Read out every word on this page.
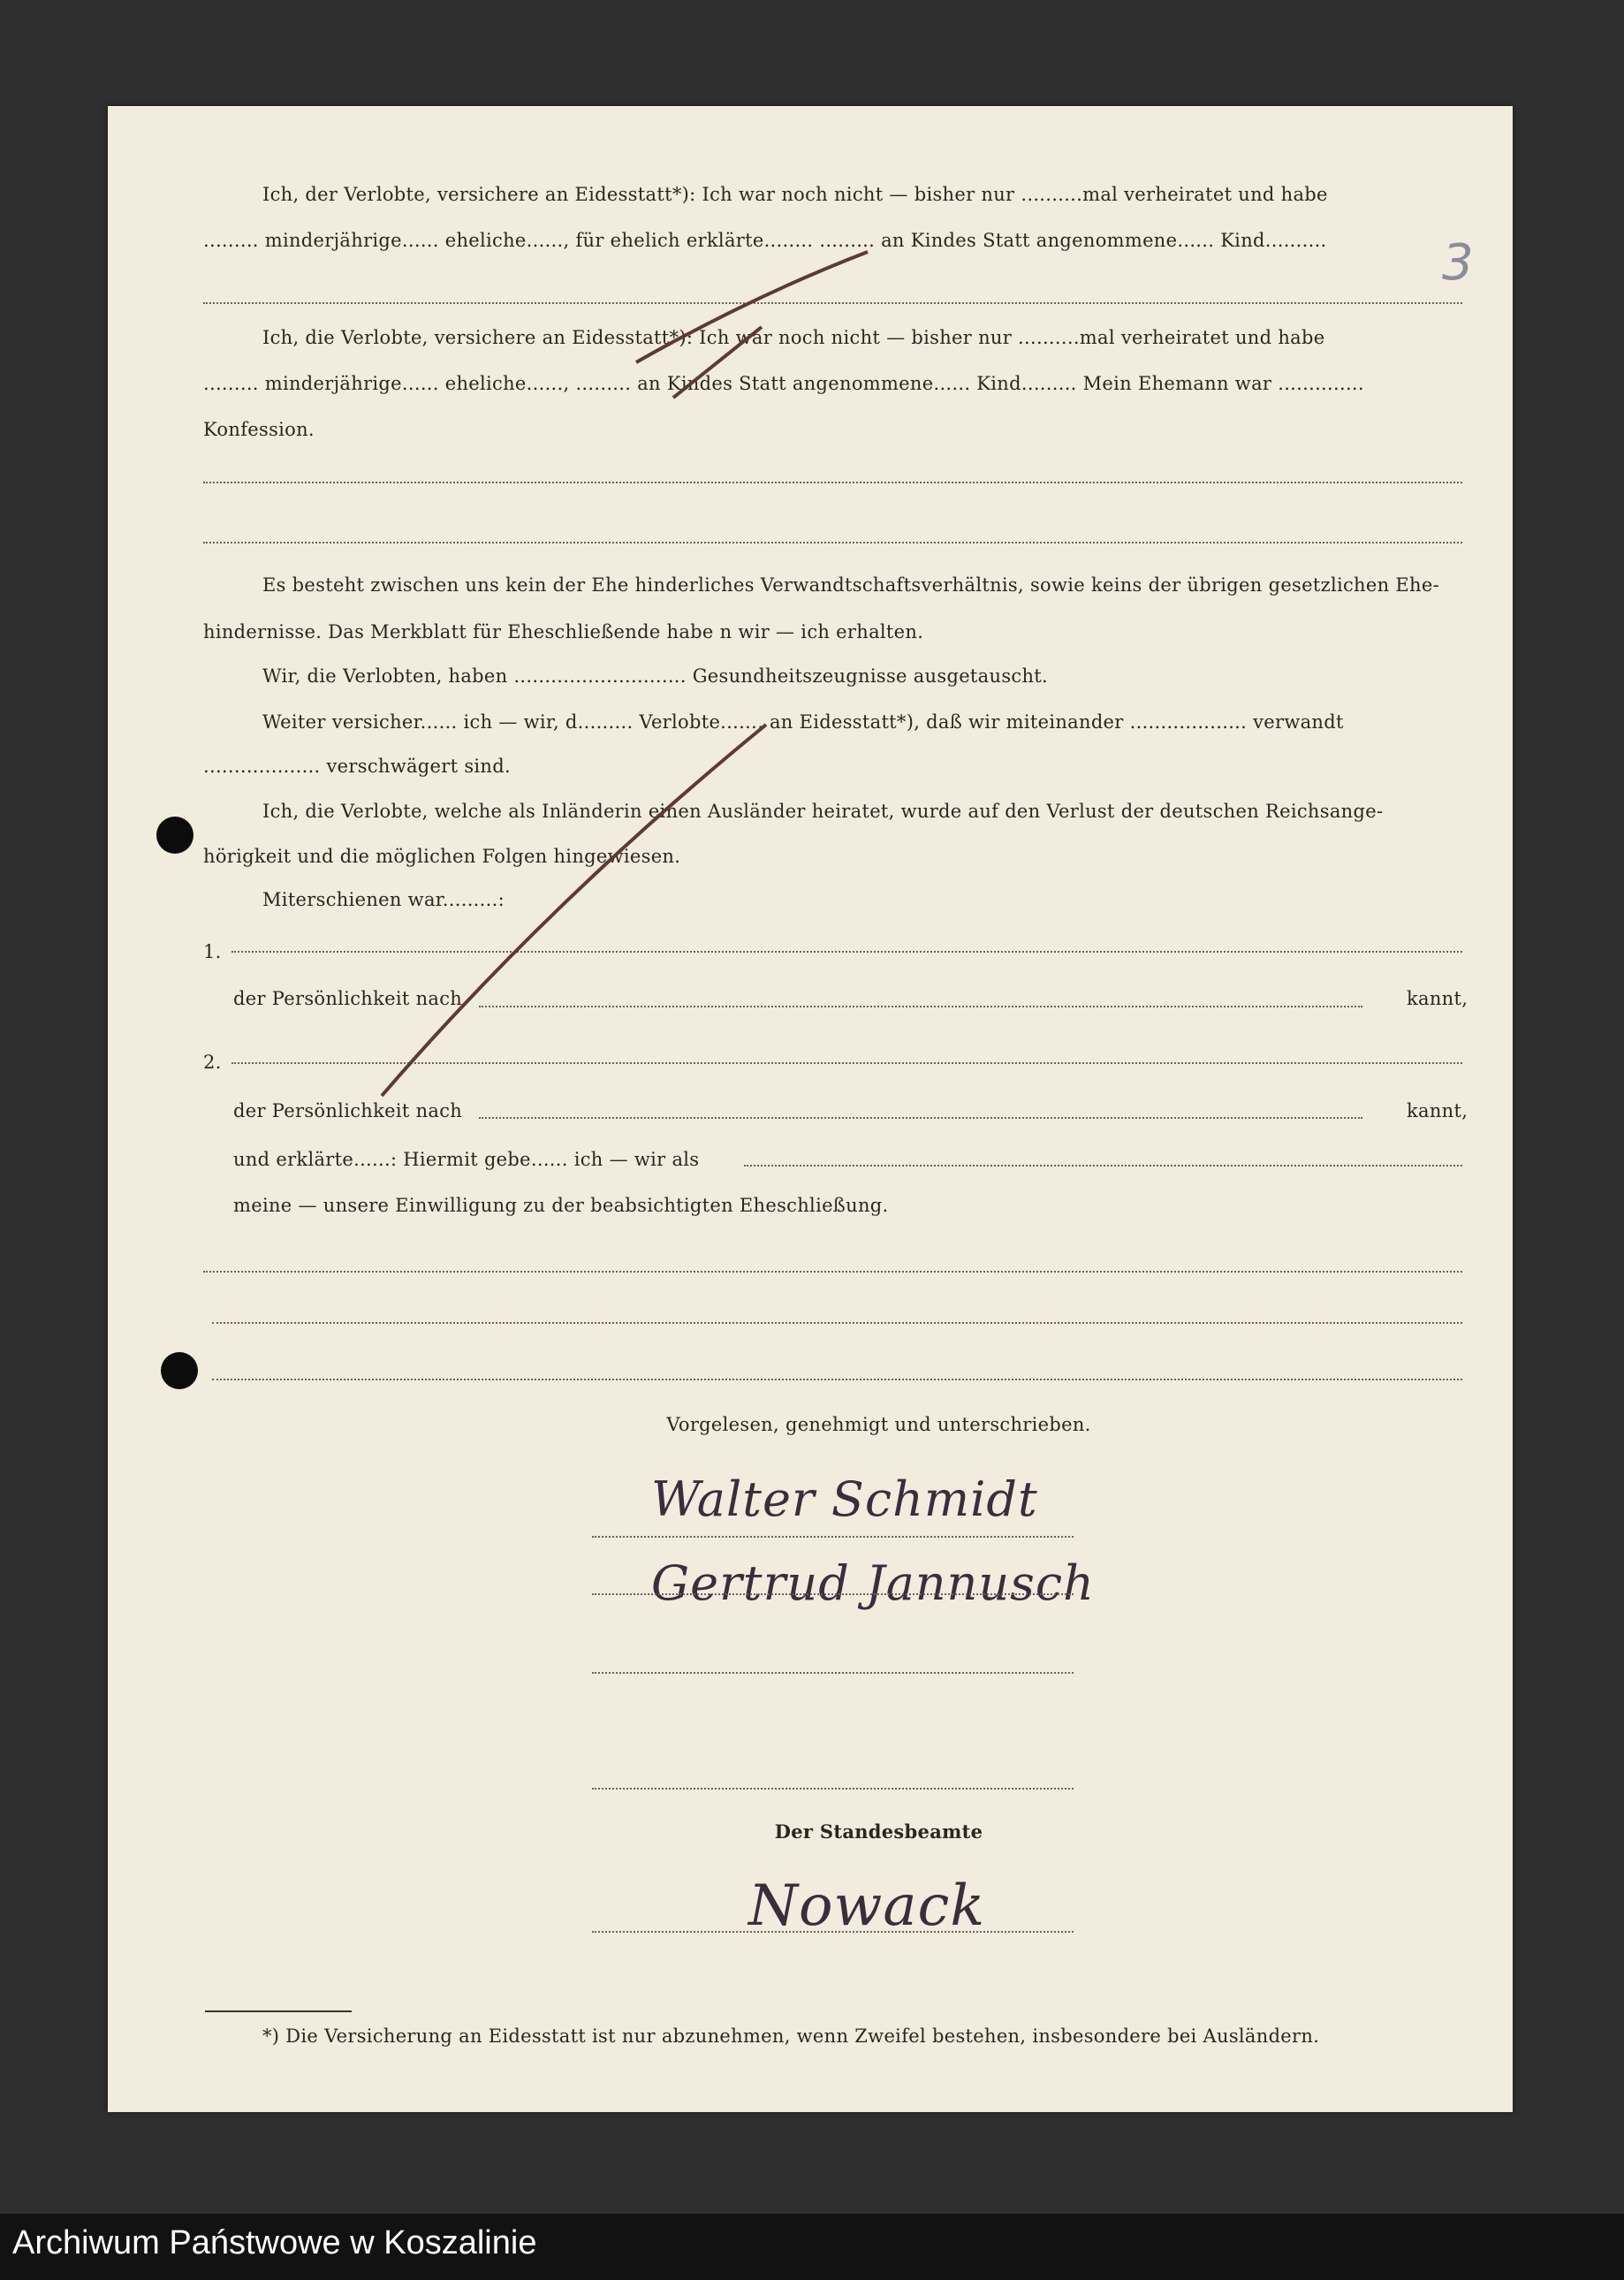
3
Ich, der Verlobte, versichere an Eidesstatt*): Ich war noch nicht — bisher nur ..........mal verheiratet und habe
......... minderjährige...... eheliche......, für ehelich erklärte........ ......... an Kindes Statt angenommene...... Kind..........
Ich, die Verlobte, versichere an Eidesstatt*): Ich war noch nicht — bisher nur ..........mal verheiratet und habe
......... minderjährige...... eheliche......, ......... an Kindes Statt angenommene...... Kind......... Mein Ehemann war ..............
Konfession.
Es besteht zwischen uns kein der Ehe hinderliches Verwandtschaftsverhältnis, sowie keins der übrigen gesetzlichen Ehe-
hindernisse. Das Merkblatt für Eheschließende habe n wir — ich erhalten.
Wir, die Verlobten, haben ............................ Gesundheitszeugnisse ausgetauscht.
Weiter versicher...... ich — wir, d......... Verlobte......, an Eidesstatt*), daß wir miteinander ................... verwandt
................... verschwägert sind.
Ich, die Verlobte, welche als Inländerin einen Ausländer heiratet, wurde auf den Verlust der deutschen Reichsange-
hörigkeit und die möglichen Folgen hingewiesen.
Miterschienen war.........:
1.
der Persönlichkeit nach	kannt,
2.
der Persönlichkeit nach	kannt,
und erklärte......: Hiermit gebe...... ich — wir als
meine — unsere Einwilligung zu der beabsichtigten Eheschließung.
Vorgelesen, genehmigt und unterschrieben.
Walter Schmidt
Gertrud Jannusch
Der Standesbeamte
Nowack
*) Die Versicherung an Eidesstatt ist nur abzunehmen, wenn Zweifel bestehen, insbesondere bei Ausländern.
Archiwum Państwowe w Koszalinie
